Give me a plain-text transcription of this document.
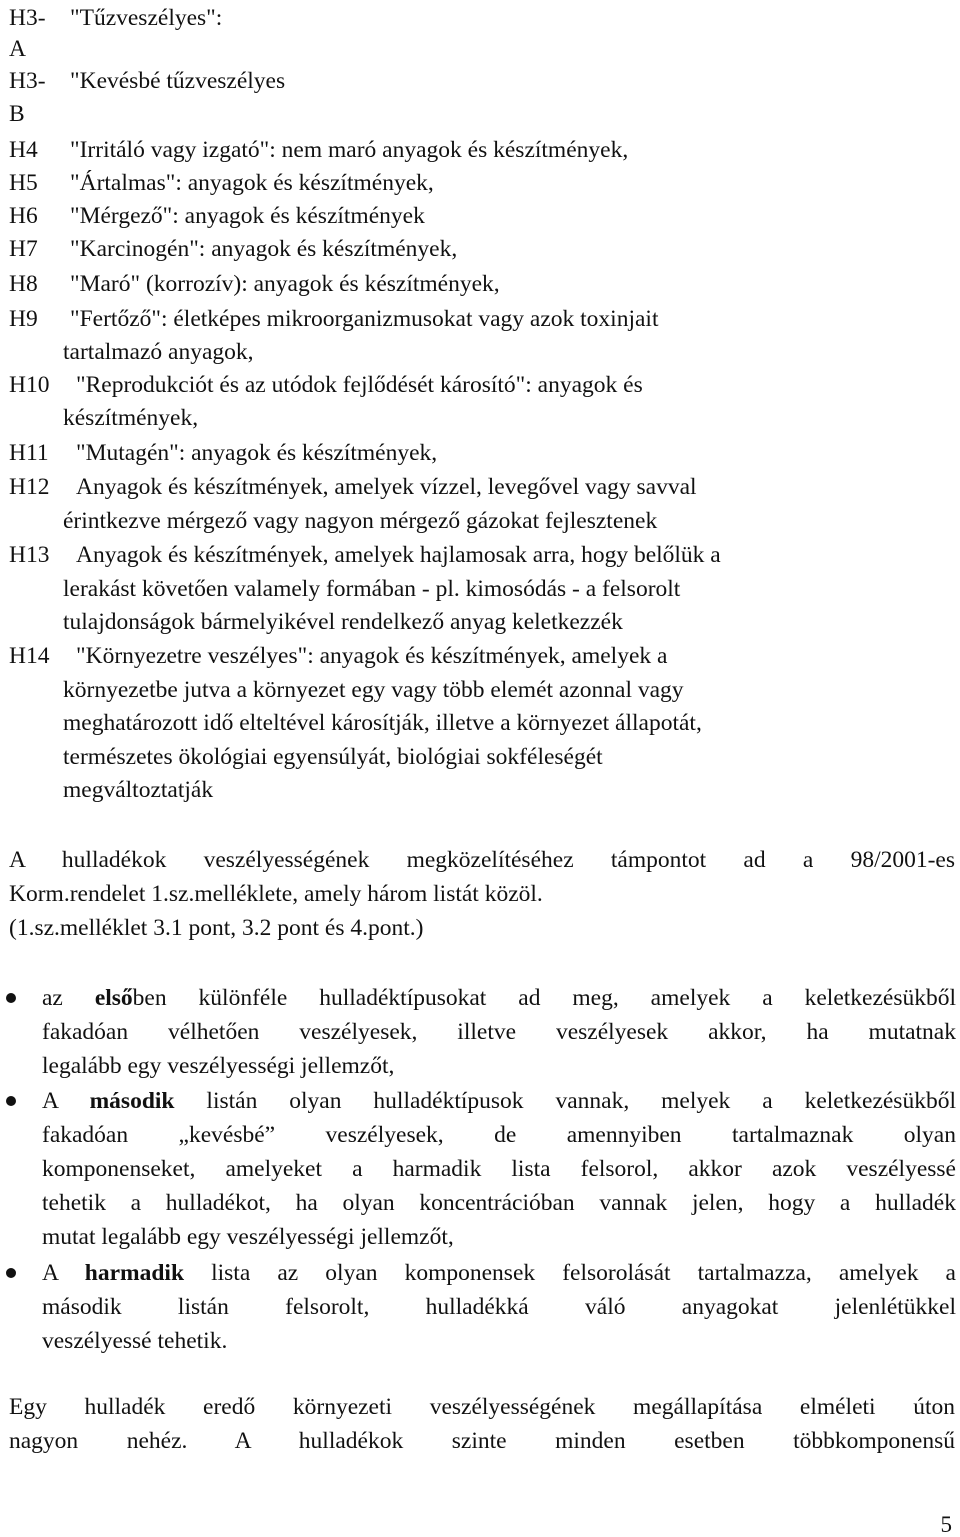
H3-
A
"Tűzveszélyes":
H3-
B
"Kevésbé tűzveszélyes
H4 "Irritáló vagy izgató": nem maró anyagok és készítmények,
H5 "Ártalmas": anyagok és készítmények,
H6 "Mérgező": anyagok és készítmények
H7 "Karcinogén": anyagok és készítmények,
H8 "Maró" (korrozív): anyagok és készítmények,
H9 "Fertőző": életképes mikroorganizmusokat vagy azok toxinjait
tartalmazó anyagok,
H10 "Reprodukciót és az utódok fejlődését károsító": anyagok és
készítmények,
H11 "Mutagén": anyagok és készítmények,
H12 Anyagok és készítmények, amelyek vízzel, levegővel vagy savval
érintkezve mérgező vagy nagyon mérgező gázokat fejlesztenek
H13 Anyagok és készítmények, amelyek hajlamosak arra, hogy belőlük a
lerakást követően valamely formában - pl. kimosódás - a felsorolt
tulajdonságok bármelyikével rendelkező anyag keletkezzék
H14 "Környezetre veszélyes": anyagok és készítmények, amelyek a
környezetbe jutva a környezet egy vagy több elemét azonnal vagy
meghatározott idő elteltével károsítják, illetve a környezet állapotát,
természetes ökológiai egyensúlyát, biológiai sokféleségét
megváltoztatják
A hulladékok veszélyességének megközelítéséhez támpontot ad a 98/2001-es
Korm.rendelet 1.sz.melléklete, amely három listát közöl.
(1.sz.melléklet 3.1 pont, 3.2 pont és 4.pont.)
az elsőben különféle hulladéktípusokat ad meg, amelyek a keletkezésükből
fakadóan vélhetően veszélyesek, illetve veszélyesek akkor, ha mutatnak
legalább egy veszélyességi jellemzőt,
A második listán olyan hulladéktípusok vannak, melyek a keletkezésükből
fakadóan „kevésbé” veszélyesek, de amennyiben tartalmaznak olyan
komponenseket, amelyeket a harmadik lista felsorol, akkor azok veszélyessé
tehetik a hulladékot, ha olyan koncentrációban vannak jelen, hogy a hulladék
mutat legalább egy veszélyességi jellemzőt,
A harmadik lista az olyan komponensek felsorolását tartalmazza, amelyek a
második listán felsorolt, hulladékká váló anyagokat jelenlétükkel
veszélyessé tehetik.
Egy hulladék eredő környezeti veszélyességének megállapítása elméleti úton
nagyon nehéz. A hulladékok szinte minden esetben többkomponensű
5
